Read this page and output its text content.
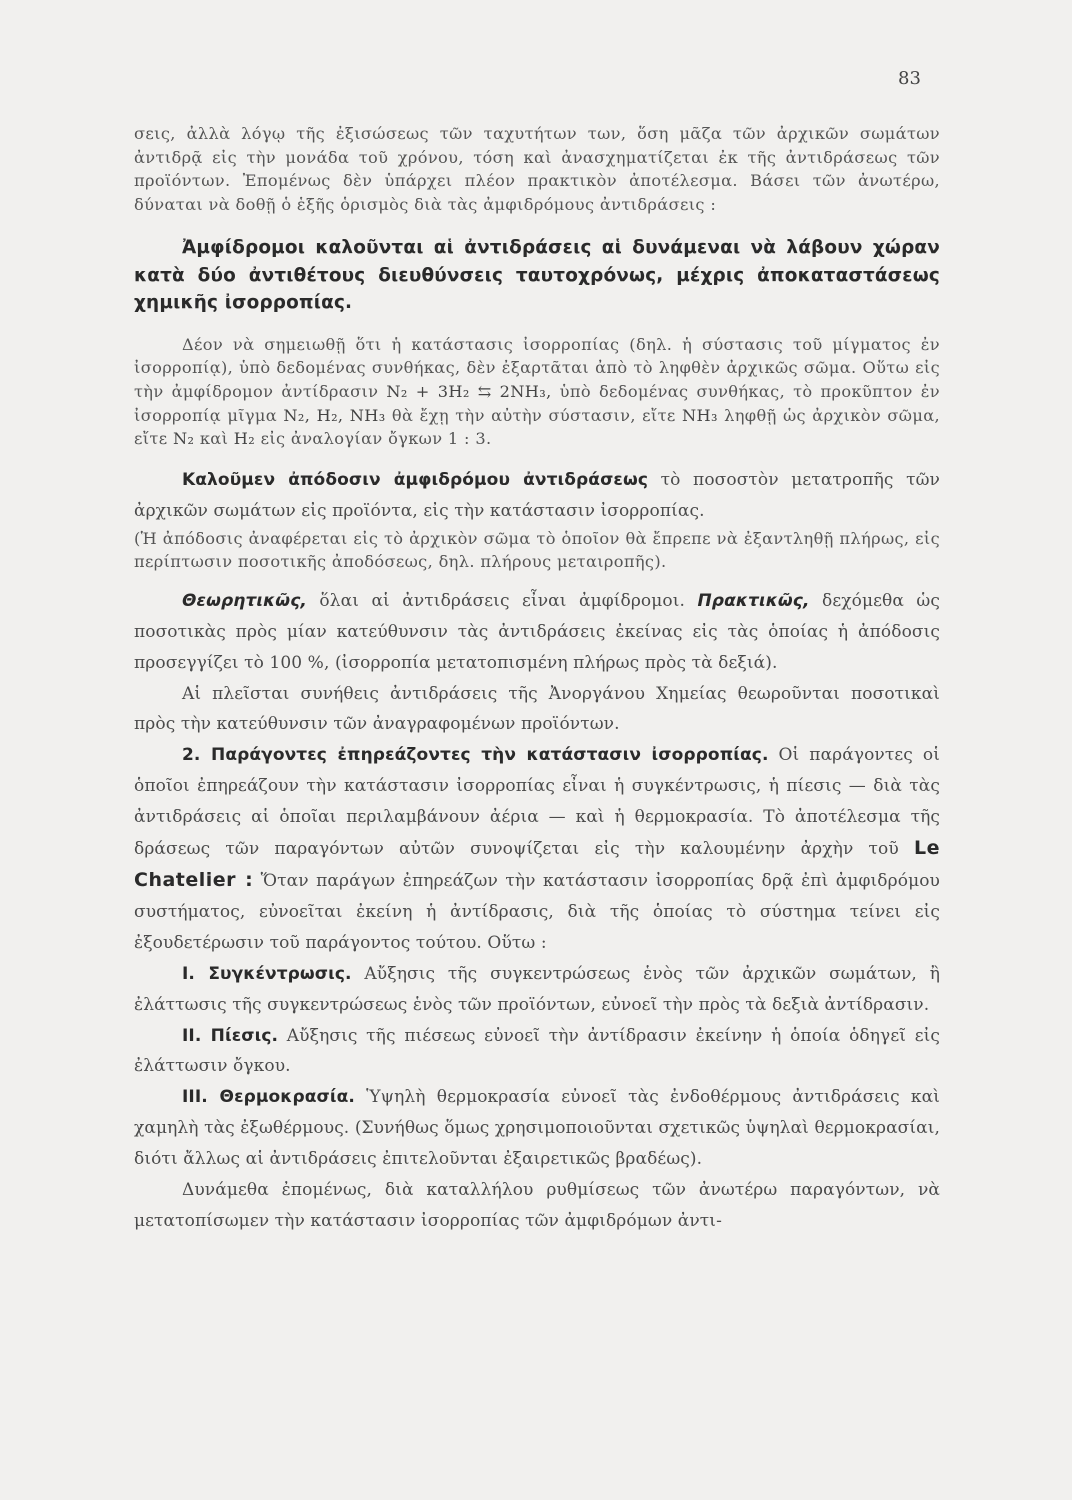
83

σεις, ἀλλὰ λόγῳ τῆς ἐξισώσεως τῶν ταχυτήτων των, ὅση μᾶζα τῶν ἀρχικῶν σωμάτων ἀντιδρᾷ εἰς τὴν μονάδα τοῦ χρόνου, τόση καὶ ἀνασχηματίζεται ἐκ τῆς ἀντιδράσεως τῶν προϊόντων. Ἐπομένως δὲν ὑπάρχει πλέον πρακτικὸν ἀποτέλεσμα. Βάσει τῶν ἀνωτέρω, δύναται νὰ δοθῇ ὁ ἑξῆς ὁρισμὸς διὰ τὰς ἀμφιδρόμους ἀντιδράσεις :

Ἀμφίδρομοι καλοῦνται αἱ ἀντιδράσεις αἱ δυνάμεναι νὰ λάβουν χώραν κατὰ δύο ἀντιθέτους διευθύνσεις ταυτοχρόνως, μέχρις ἀποκαταστάσεως χημικῆς ἰσορροπίας.

Δέον νὰ σημειωθῇ ὅτι ἡ κατάστασις ἰσορροπίας (δηλ. ἡ σύστασις τοῦ μίγματος ἐν ἰσορροπίᾳ), ὑπὸ δεδομένας συνθήκας, δὲν ἐξαρτᾶται ἀπὸ τὸ ληφθὲν ἀρχικῶς σῶμα. Οὕτω εἰς τὴν ἀμφίδρομον ἀντίδρασιν N₂ + 3H₂ ⇆ 2NH₃, ὑπὸ δεδομένας συνθήκας, τὸ προκῦπτον ἐν ἰσορροπίᾳ μῖγμα N₂, H₂, NH₃ θὰ ἔχῃ τὴν αὐτὴν σύστασιν, εἴτε NH₃ ληφθῇ ὡς ἀρχικὸν σῶμα, εἴτε N₂ καὶ H₂ εἰς ἀναλογίαν ὄγκων 1 : 3.

Καλοῦμεν ἀπόδοσιν ἀμφιδρόμου ἀντιδράσεως τὸ ποσοστὸν μετατροπῆς τῶν ἀρχικῶν σωμάτων εἰς προϊόντα, εἰς τὴν κατάστασιν ἰσορροπίας.

(Ἡ ἀπόδοσις ἀναφέρεται εἰς τὸ ἀρχικὸν σῶμα τὸ ὁποῖον θὰ ἔπρεπε νὰ ἐξαντληθῇ πλήρως, εἰς περίπτωσιν ποσοτικῆς ἀποδόσεως, δηλ. πλήρους μεταιροπῆς).

Θεωρητικῶς, ὅλαι αἱ ἀντιδράσεις εἶναι ἀμφίδρομοι. Πρακτικῶς, δεχόμεθα ὡς ποσοτικὰς πρὸς μίαν κατεύθυνσιν τὰς ἀντιδράσεις ἐκείνας εἰς τὰς ὁποίας ἡ ἀπόδοσις προσεγγίζει τὸ 100 %, (ἰσορροπία μετατοπισμένη πλήρως πρὸς τὰ δεξιά).

Αἱ πλεῖσται συνήθεις ἀντιδράσεις τῆς Ἀνοργάνου Χημείας θεωροῦνται ποσοτικαὶ πρὸς τὴν κατεύθυνσιν τῶν ἀναγραφομένων προϊόντων.

2. Παράγοντες ἐπηρεάζοντες τὴν κατάστασιν ἰσορροπίας. Οἱ παράγοντες οἱ ὁποῖοι ἐπηρεάζουν τὴν κατάστασιν ἰσορροπίας εἶναι ἡ συγκέντρωσις, ἡ πίεσις — διὰ τὰς ἀντιδράσεις αἱ ὁποῖαι περιλαμβάνουν ἀέρια — καὶ ἡ θερμοκρασία. Τὸ ἀποτέλεσμα τῆς δράσεως τῶν παραγόντων αὐτῶν συνοψίζεται εἰς τὴν καλουμένην ἀρχὴν τοῦ Le Chatelier : Ὅταν παράγων ἐπηρεάζων τὴν κατάστασιν ἰσορροπίας δρᾷ ἐπὶ ἀμφιδρόμου συστήματος, εὐνοεῖται ἐκείνη ἡ ἀντίδρασις, διὰ τῆς ὁποίας τὸ σύστημα τείνει εἰς ἐξουδετέρωσιν τοῦ παράγοντος τούτου. Οὕτω :

I. Συγκέντρωσις. Αὔξησις τῆς συγκεντρώσεως ἑνὸς τῶν ἀρχικῶν σωμάτων, ἢ ἐλάττωσις τῆς συγκεντρώσεως ἑνὸς τῶν προϊόντων, εὐνοεῖ τὴν πρὸς τὰ δεξιὰ ἀντίδρασιν.

II. Πίεσις. Αὔξησις τῆς πιέσεως εὐνοεῖ τὴν ἀντίδρασιν ἐκείνην ἡ ὁποία ὁδηγεῖ εἰς ἐλάττωσιν ὄγκου.

III. Θερμοκρασία. Ὑψηλὴ θερμοκρασία εὐνοεῖ τὰς ἐνδοθέρμους ἀντιδράσεις καὶ χαμηλὴ τὰς ἐξωθέρμους. (Συνήθως ὅμως χρησιμοποιοῦνται σχετικῶς ὑψηλαὶ θερμοκρασίαι, διότι ἄλλως αἱ ἀντιδράσεις ἐπιτελοῦνται ἐξαιρετικῶς βραδέως).

Δυνάμεθα ἐπομένως, διὰ καταλλήλου ρυθμίσεως τῶν ἀνωτέρω παραγόντων, νὰ μετατοπίσωμεν τὴν κατάστασιν ἰσορροπίας τῶν ἀμφιδρόμων ἀντι-
